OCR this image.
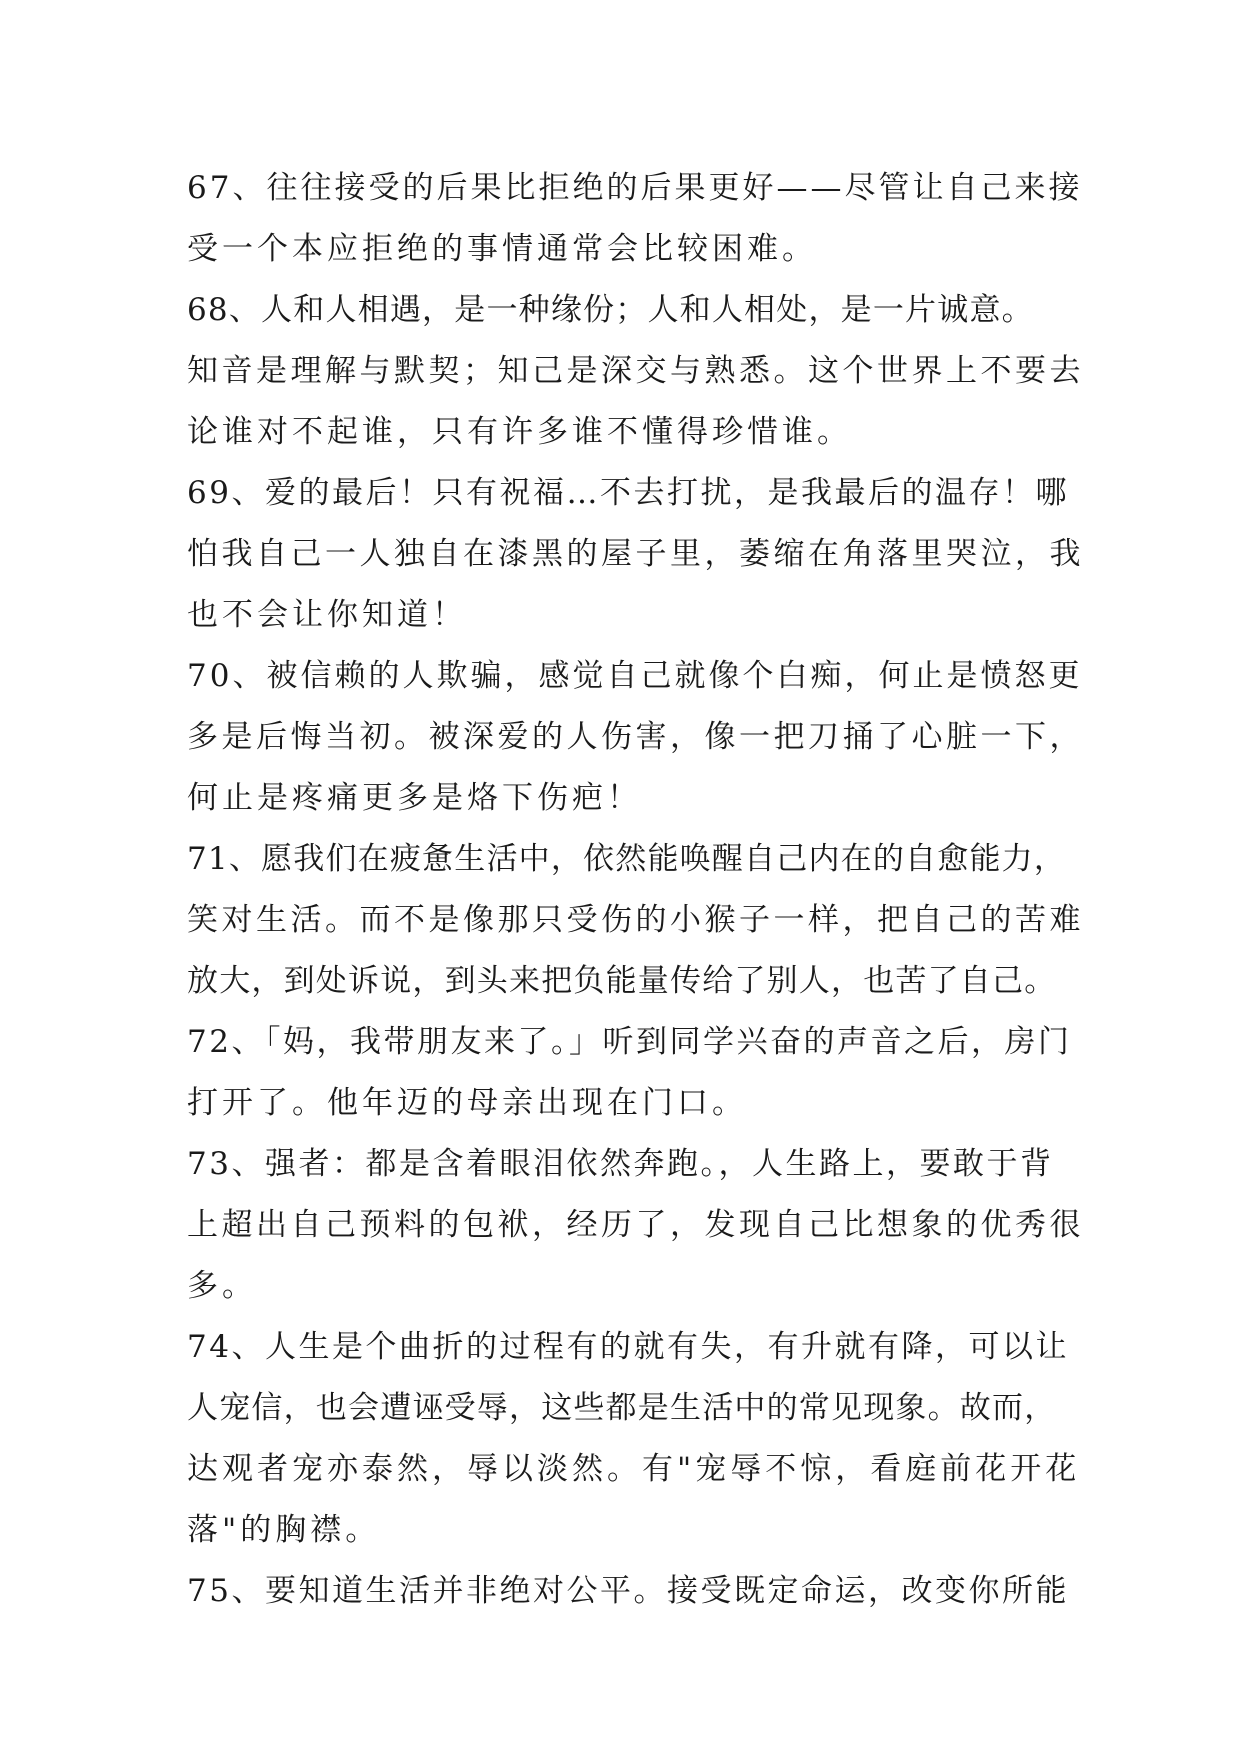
67、往往接受的后果比拒绝的后果更好——尽管让自己来接
受一个本应拒绝的事情通常会比较困难。
68、人和人相遇，是一种缘份；人和人相处，是一片诚意。
知音是理解与默契；知己是深交与熟悉。这个世界上不要去
论谁对不起谁，只有许多谁不懂得珍惜谁。
69、爱的最后！只有祝福…不去打扰，是我最后的温存！哪
怕我自己一人独自在漆黑的屋子里，萎缩在角落里哭泣，我
也不会让你知道！
70、被信赖的人欺骗，感觉自己就像个白痴，何止是愤怒更
多是后悔当初。被深爱的人伤害，像一把刀捅了心脏一下，
何止是疼痛更多是烙下伤疤！
71、愿我们在疲惫生活中，依然能唤醒自己内在的自愈能力，
笑对生活。而不是像那只受伤的小猴子一样，把自己的苦难
放大，到处诉说，到头来把负能量传给了别人，也苦了自己。
72、「妈，我带朋友来了。」听到同学兴奋的声音之后，房门
打开了。他年迈的母亲出现在门口。
73、强者：都是含着眼泪依然奔跑。，人生路上，要敢于背
上超出自己预料的包袱，经历了，发现自己比想象的优秀很
多。
74、人生是个曲折的过程有的就有失，有升就有降，可以让
人宠信，也会遭诬受辱，这些都是生活中的常见现象。故而，
达观者宠亦泰然，辱以淡然。有"宠辱不惊，看庭前花开花
落"的胸襟。
75、要知道生活并非绝对公平。接受既定命运，改变你所能
